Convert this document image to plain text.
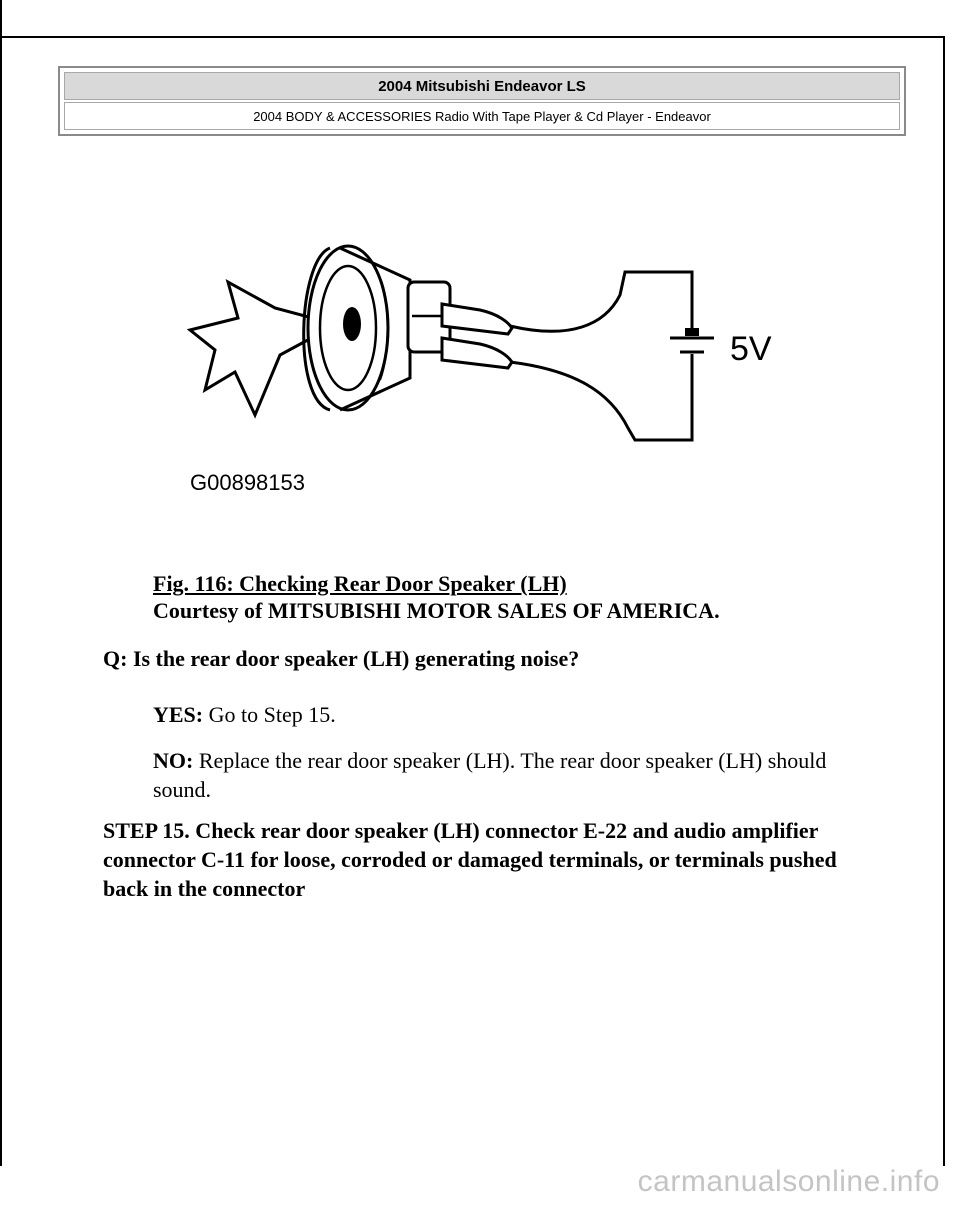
2004 Mitsubishi Endeavor LS
2004 BODY & ACCESSORIES Radio With Tape Player & Cd Player - Endeavor
5V
G00898153
Fig. 116: Checking Rear Door Speaker (LH)
Courtesy of MITSUBISHI MOTOR SALES OF AMERICA.
Q: Is the rear door speaker (LH) generating noise?
YES: Go to Step 15.
NO: Replace the rear door speaker (LH). The rear door speaker (LH) should sound.
STEP 15. Check rear door speaker (LH) connector E-22 and audio amplifier connector C-11 for loose, corroded or damaged terminals, or terminals pushed back in the connector
carmanualsonline.info
